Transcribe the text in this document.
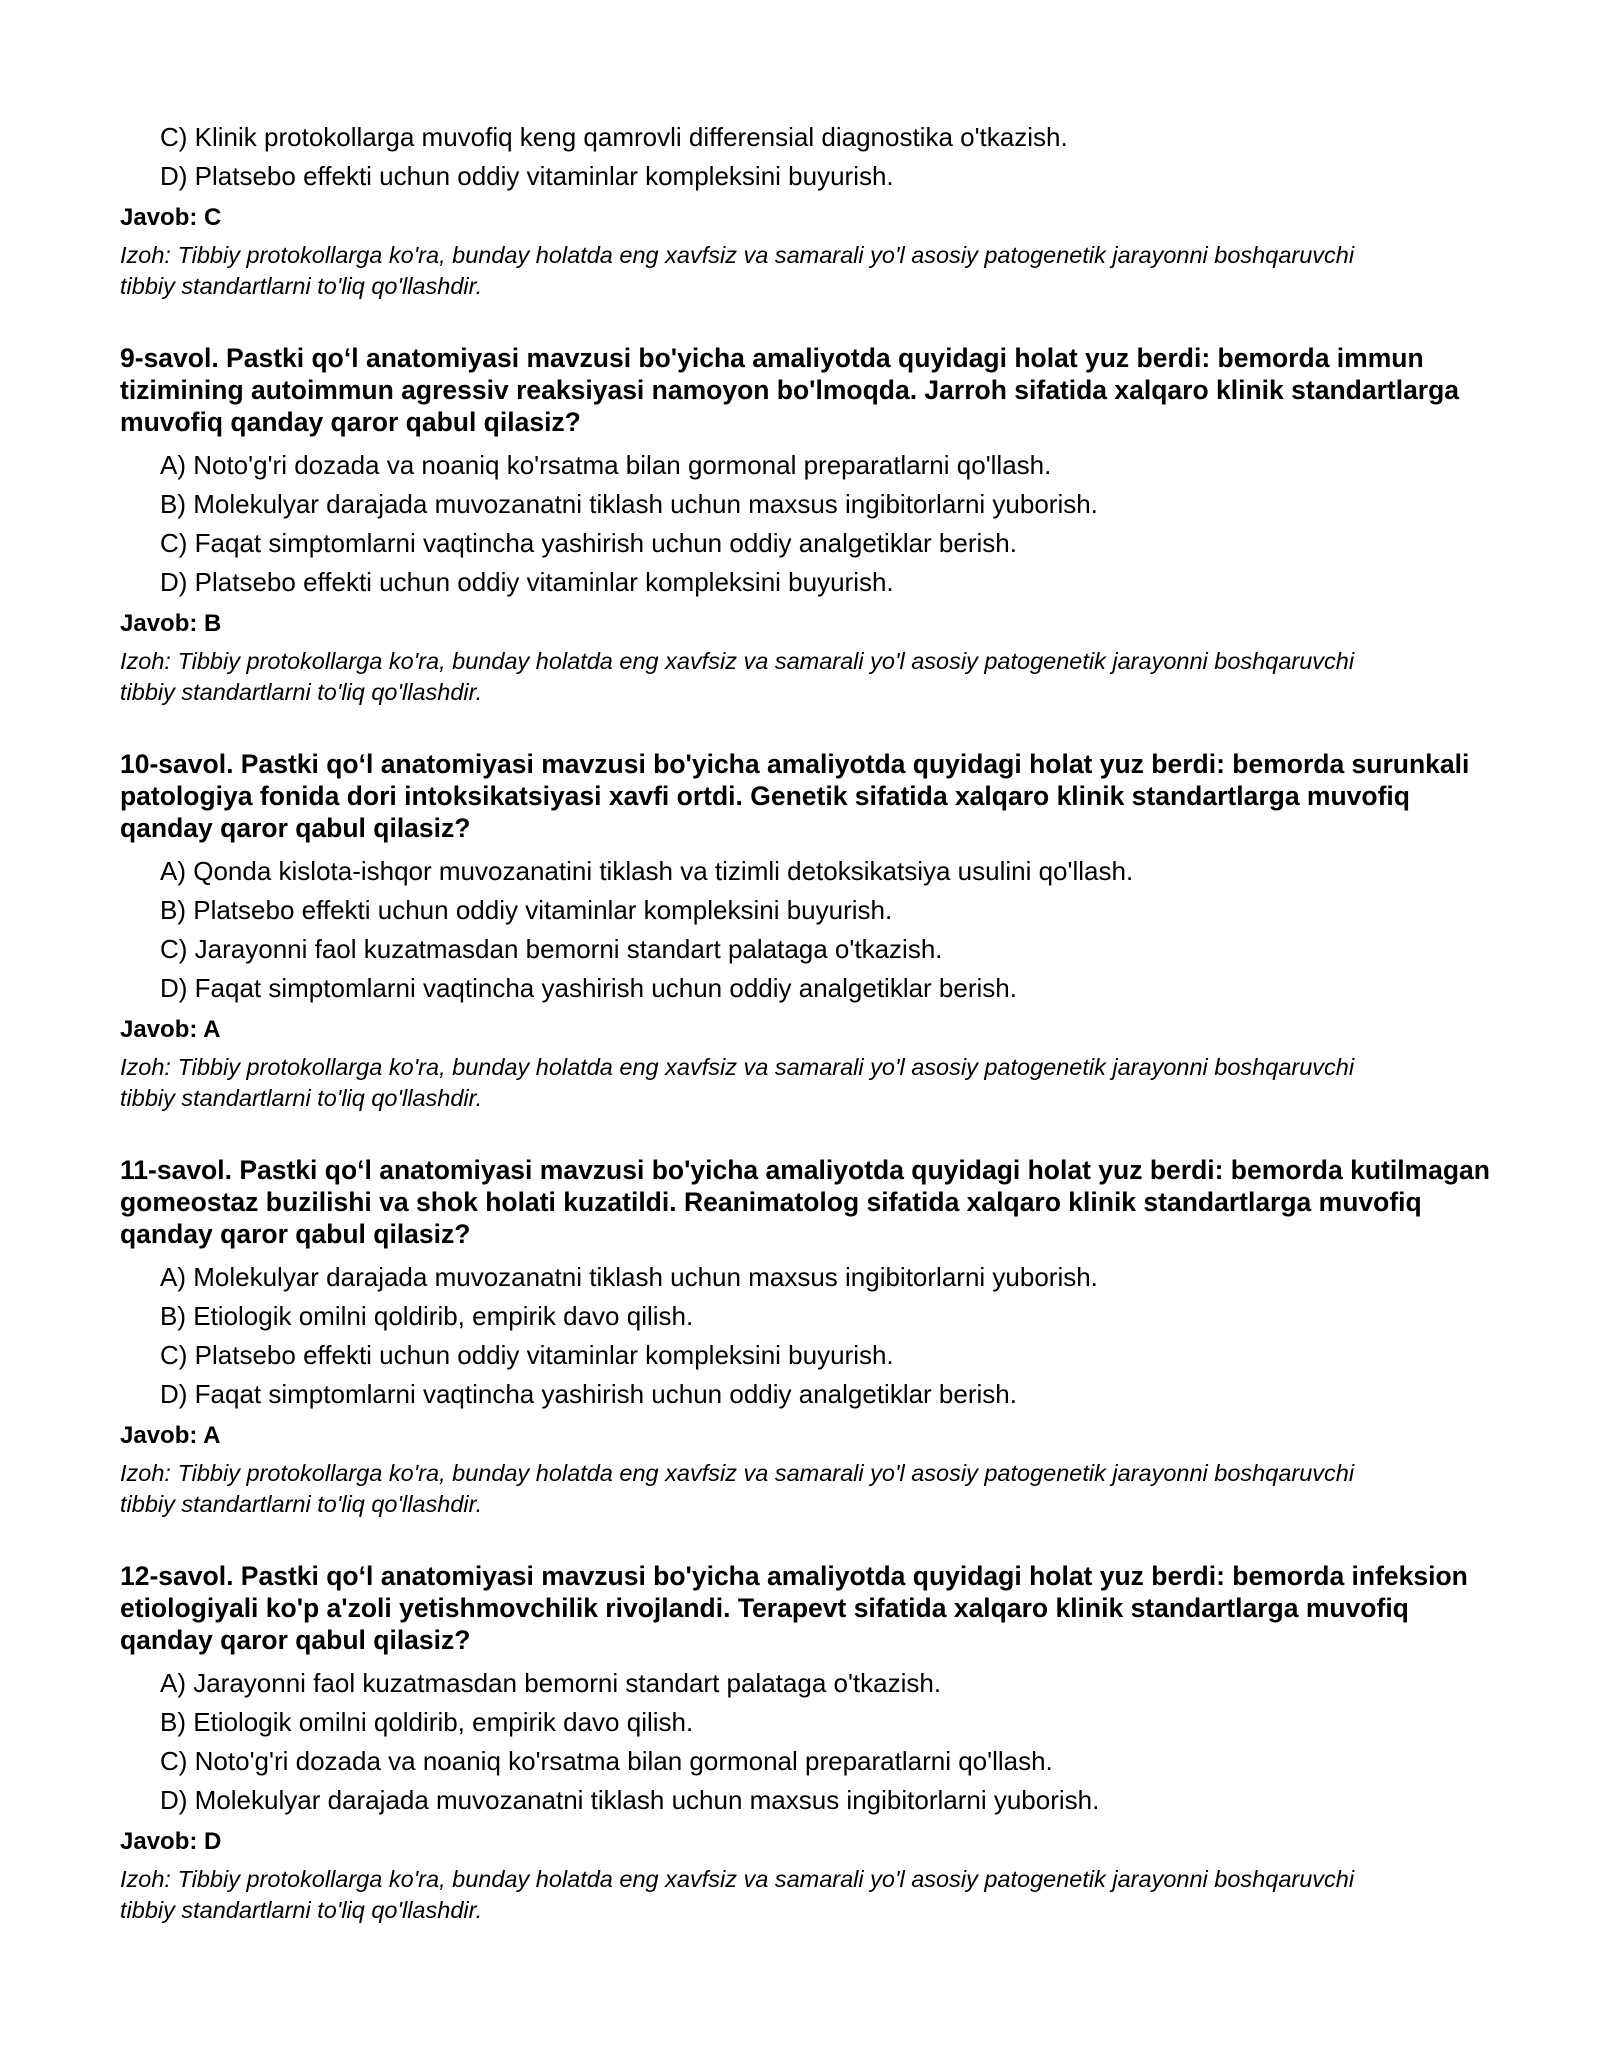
C) Klinik protokollarga muvofiq keng qamrovli differensial diagnostika o'tkazish.
D) Platsebo effekti uchun oddiy vitaminlar kompleksini buyurish.
Javob: C
Izoh: Tibbiy protokollarga ko'ra, bunday holatda eng xavfsiz va samarali yo'l asosiy patogenetik jarayonni boshqaruvchi tibbiy standartlarni to'liq qo'llashdir.
9-savol. Pastki qo‘l anatomiyasi mavzusi bo'yicha amaliyotda quyidagi holat yuz berdi: bemorda immun tizimining autoimmun agressiv reaksiyasi namoyon bo'lmoqda. Jarroh sifatida xalqaro klinik standartlarga muvofiq qanday qaror qabul qilasiz?
A) Noto'g'ri dozada va noaniq ko'rsatma bilan gormonal preparatlarni qo'llash.
B) Molekulyar darajada muvozanatni tiklash uchun maxsus ingibitorlarni yuborish.
C) Faqat simptomlarni vaqtincha yashirish uchun oddiy analgetiklar berish.
D) Platsebo effekti uchun oddiy vitaminlar kompleksini buyurish.
Javob: B
Izoh: Tibbiy protokollarga ko'ra, bunday holatda eng xavfsiz va samarali yo'l asosiy patogenetik jarayonni boshqaruvchi tibbiy standartlarni to'liq qo'llashdir.
10-savol. Pastki qo‘l anatomiyasi mavzusi bo'yicha amaliyotda quyidagi holat yuz berdi: bemorda surunkali patologiya fonida dori intoksikatsiyasi xavfi ortdi. Genetik sifatida xalqaro klinik standartlarga muvofiq qanday qaror qabul qilasiz?
A) Qonda kislota-ishqor muvozanatini tiklash va tizimli detoksikatsiya usulini qo'llash.
B) Platsebo effekti uchun oddiy vitaminlar kompleksini buyurish.
C) Jarayonni faol kuzatmasdan bemorni standart palataga o'tkazish.
D) Faqat simptomlarni vaqtincha yashirish uchun oddiy analgetiklar berish.
Javob: A
Izoh: Tibbiy protokollarga ko'ra, bunday holatda eng xavfsiz va samarali yo'l asosiy patogenetik jarayonni boshqaruvchi tibbiy standartlarni to'liq qo'llashdir.
11-savol. Pastki qo‘l anatomiyasi mavzusi bo'yicha amaliyotda quyidagi holat yuz berdi: bemorda kutilmagan gomeostaz buzilishi va shok holati kuzatildi. Reanimatolog sifatida xalqaro klinik standartlarga muvofiq qanday qaror qabul qilasiz?
A) Molekulyar darajada muvozanatni tiklash uchun maxsus ingibitorlarni yuborish.
B) Etiologik omilni qoldirib, empirik davo qilish.
C) Platsebo effekti uchun oddiy vitaminlar kompleksini buyurish.
D) Faqat simptomlarni vaqtincha yashirish uchun oddiy analgetiklar berish.
Javob: A
Izoh: Tibbiy protokollarga ko'ra, bunday holatda eng xavfsiz va samarali yo'l asosiy patogenetik jarayonni boshqaruvchi tibbiy standartlarni to'liq qo'llashdir.
12-savol. Pastki qo‘l anatomiyasi mavzusi bo'yicha amaliyotda quyidagi holat yuz berdi: bemorda infeksion etiologiyali ko'p a'zoli yetishmovchilik rivojlandi. Terapevt sifatida xalqaro klinik standartlarga muvofiq qanday qaror qabul qilasiz?
A) Jarayonni faol kuzatmasdan bemorni standart palataga o'tkazish.
B) Etiologik omilni qoldirib, empirik davo qilish.
C) Noto'g'ri dozada va noaniq ko'rsatma bilan gormonal preparatlarni qo'llash.
D) Molekulyar darajada muvozanatni tiklash uchun maxsus ingibitorlarni yuborish.
Javob: D
Izoh: Tibbiy protokollarga ko'ra, bunday holatda eng xavfsiz va samarali yo'l asosiy patogenetik jarayonni boshqaruvchi tibbiy standartlarni to'liq qo'llashdir.
